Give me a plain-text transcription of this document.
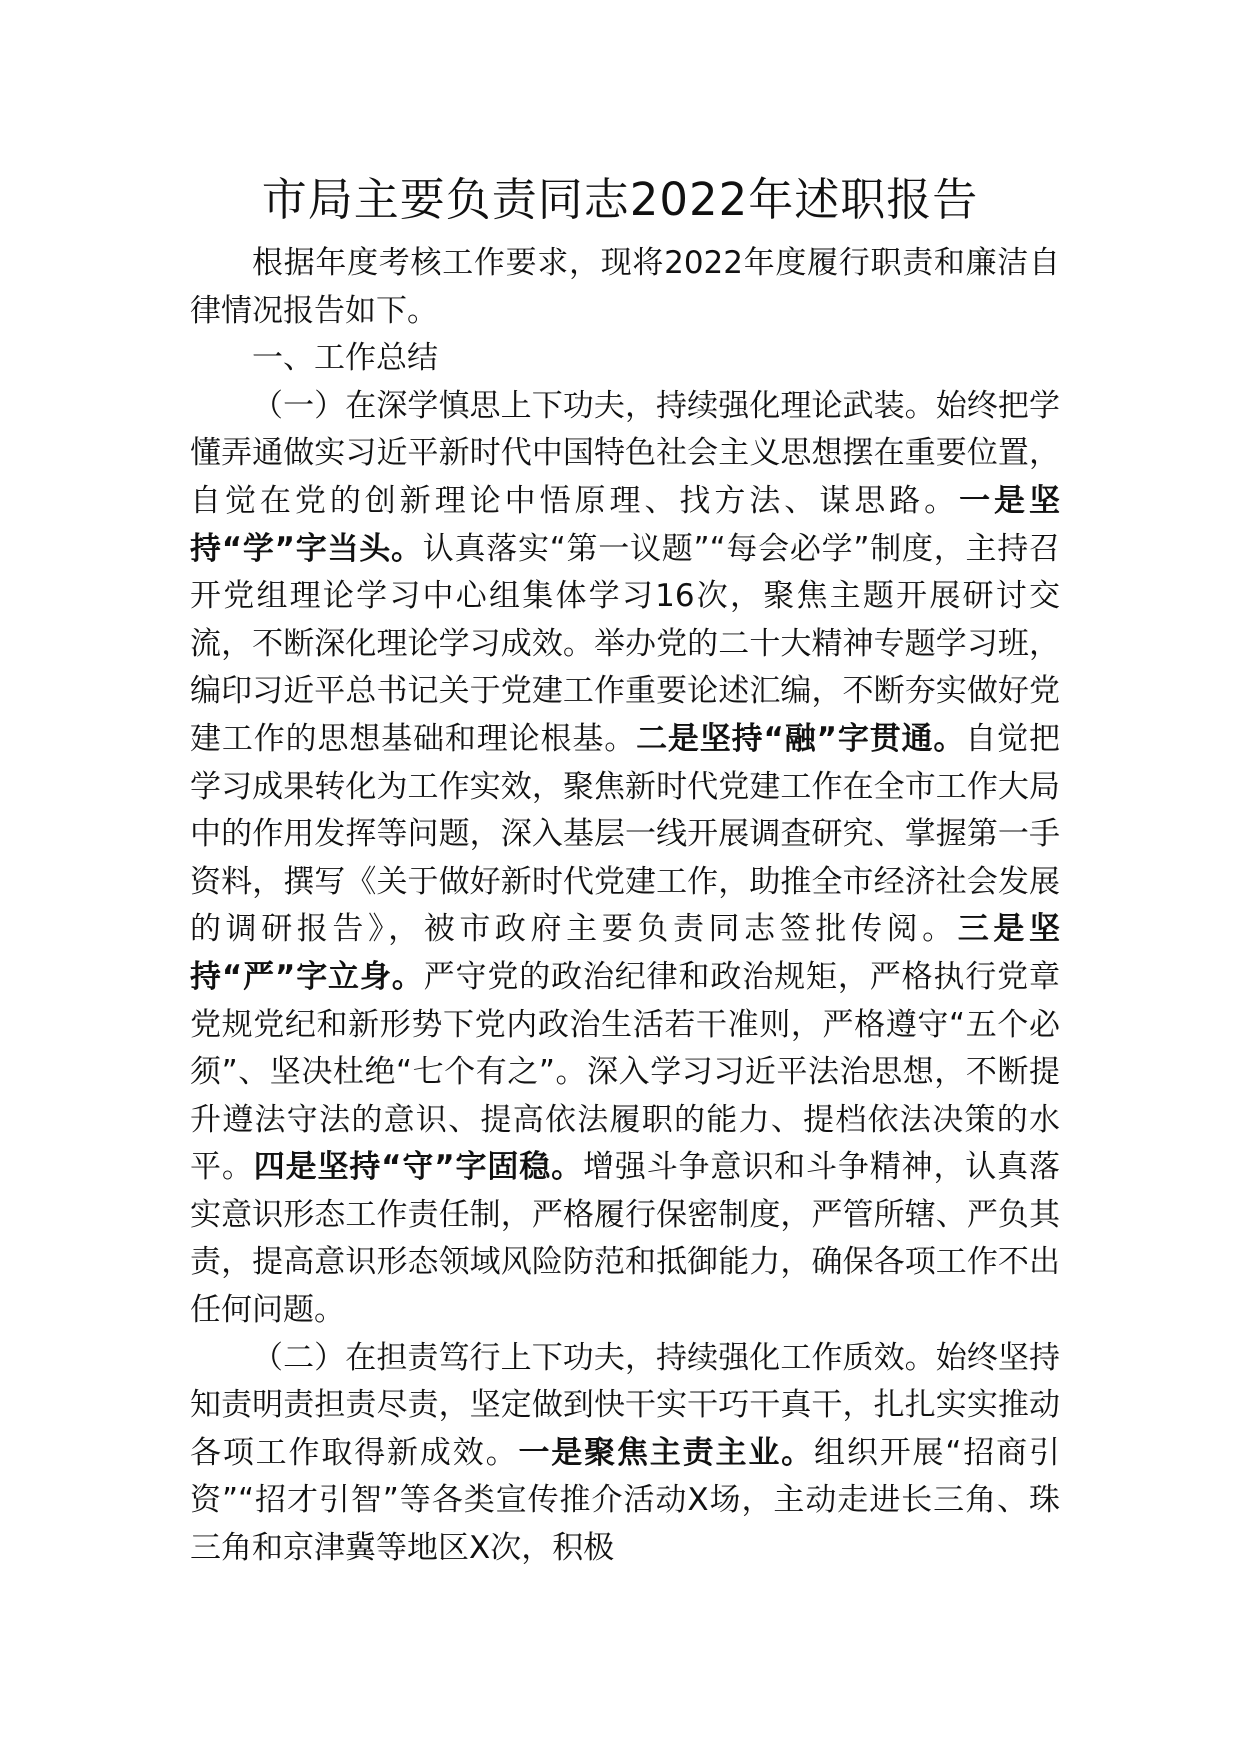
市局主要负责同志2022年述职报告

根据年度考核工作要求，现将2022年度履行职责和廉洁自律情况报告如下。

一、工作总结

（一）在深学慎思上下功夫，持续强化理论武装。始终把学懂弄通做实习近平新时代中国特色社会主义思想摆在重要位置，自觉在党的创新理论中悟原理、找方法、谋思路。一是坚持“学”字当头。认真落实“第一议题”“每会必学”制度，主持召开党组理论学习中心组集体学习16次，聚焦主题开展研讨交流，不断深化理论学习成效。举办党的二十大精神专题学习班，编印习近平总书记关于党建工作重要论述汇编，不断夯实做好党建工作的思想基础和理论根基。二是坚持“融”字贯通。自觉把学习成果转化为工作实效，聚焦新时代党建工作在全市工作大局中的作用发挥等问题，深入基层一线开展调查研究、掌握第一手资料，撰写《关于做好新时代党建工作，助推全市经济社会发展的调研报告》，被市政府主要负责同志签批传阅。三是坚持“严”字立身。严守党的政治纪律和政治规矩，严格执行党章党规党纪和新形势下党内政治生活若干准则，严格遵守“五个必须”、坚决杜绝“七个有之”。深入学习习近平法治思想，不断提升遵法守法的意识、提高依法履职的能力、提档依法决策的水平。四是坚持“守”字固稳。增强斗争意识和斗争精神，认真落实意识形态工作责任制，严格履行保密制度，严管所辖、严负其责，提高意识形态领域风险防范和抵御能力，确保各项工作不出任何问题。

（二）在担责笃行上下功夫，持续强化工作质效。始终坚持知责明责担责尽责，坚定做到快干实干巧干真干，扎扎实实推动各项工作取得新成效。一是聚焦主责主业。组织开展“招商引资”“招才引智”等各类宣传推介活动X场，主动走进长三角、珠三角和京津冀等地区X次，积极
